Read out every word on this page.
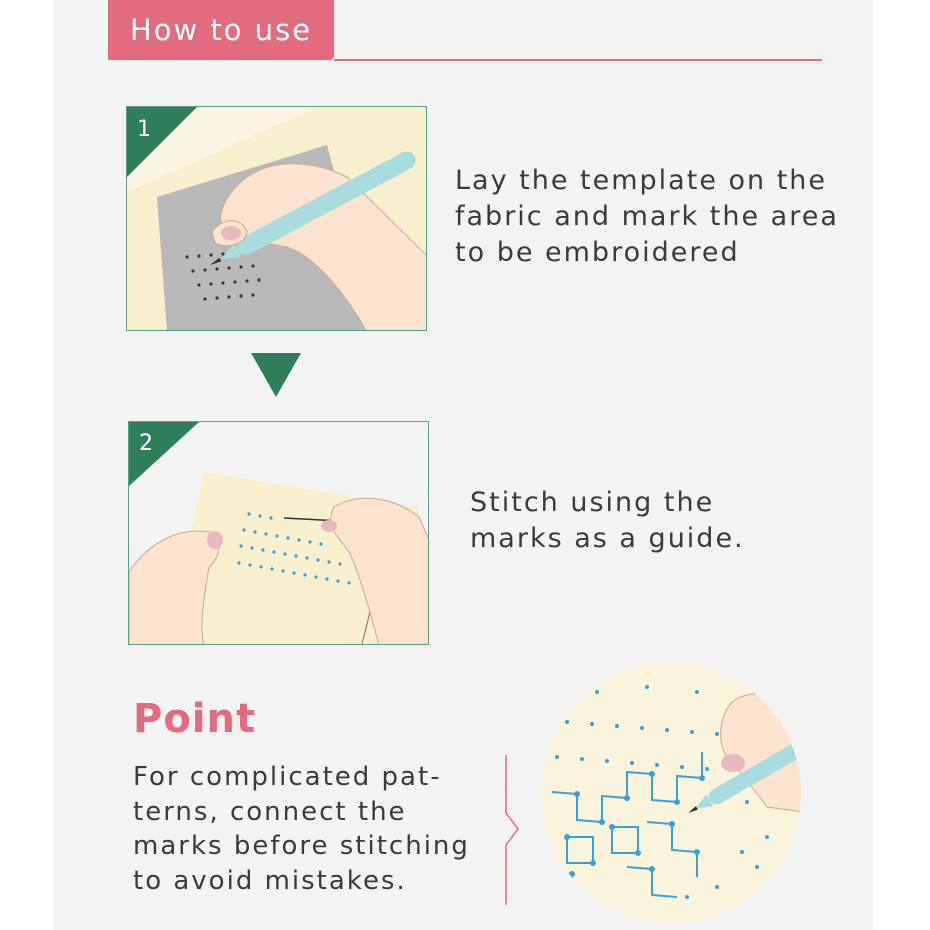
How to use
1
Lay the template on the
fabric and mark the area
to be embroidered
2
Stitch using the
marks as a guide.
Point
For complicated pat-
terns, connect the
marks before stitching
to avoid mistakes.
